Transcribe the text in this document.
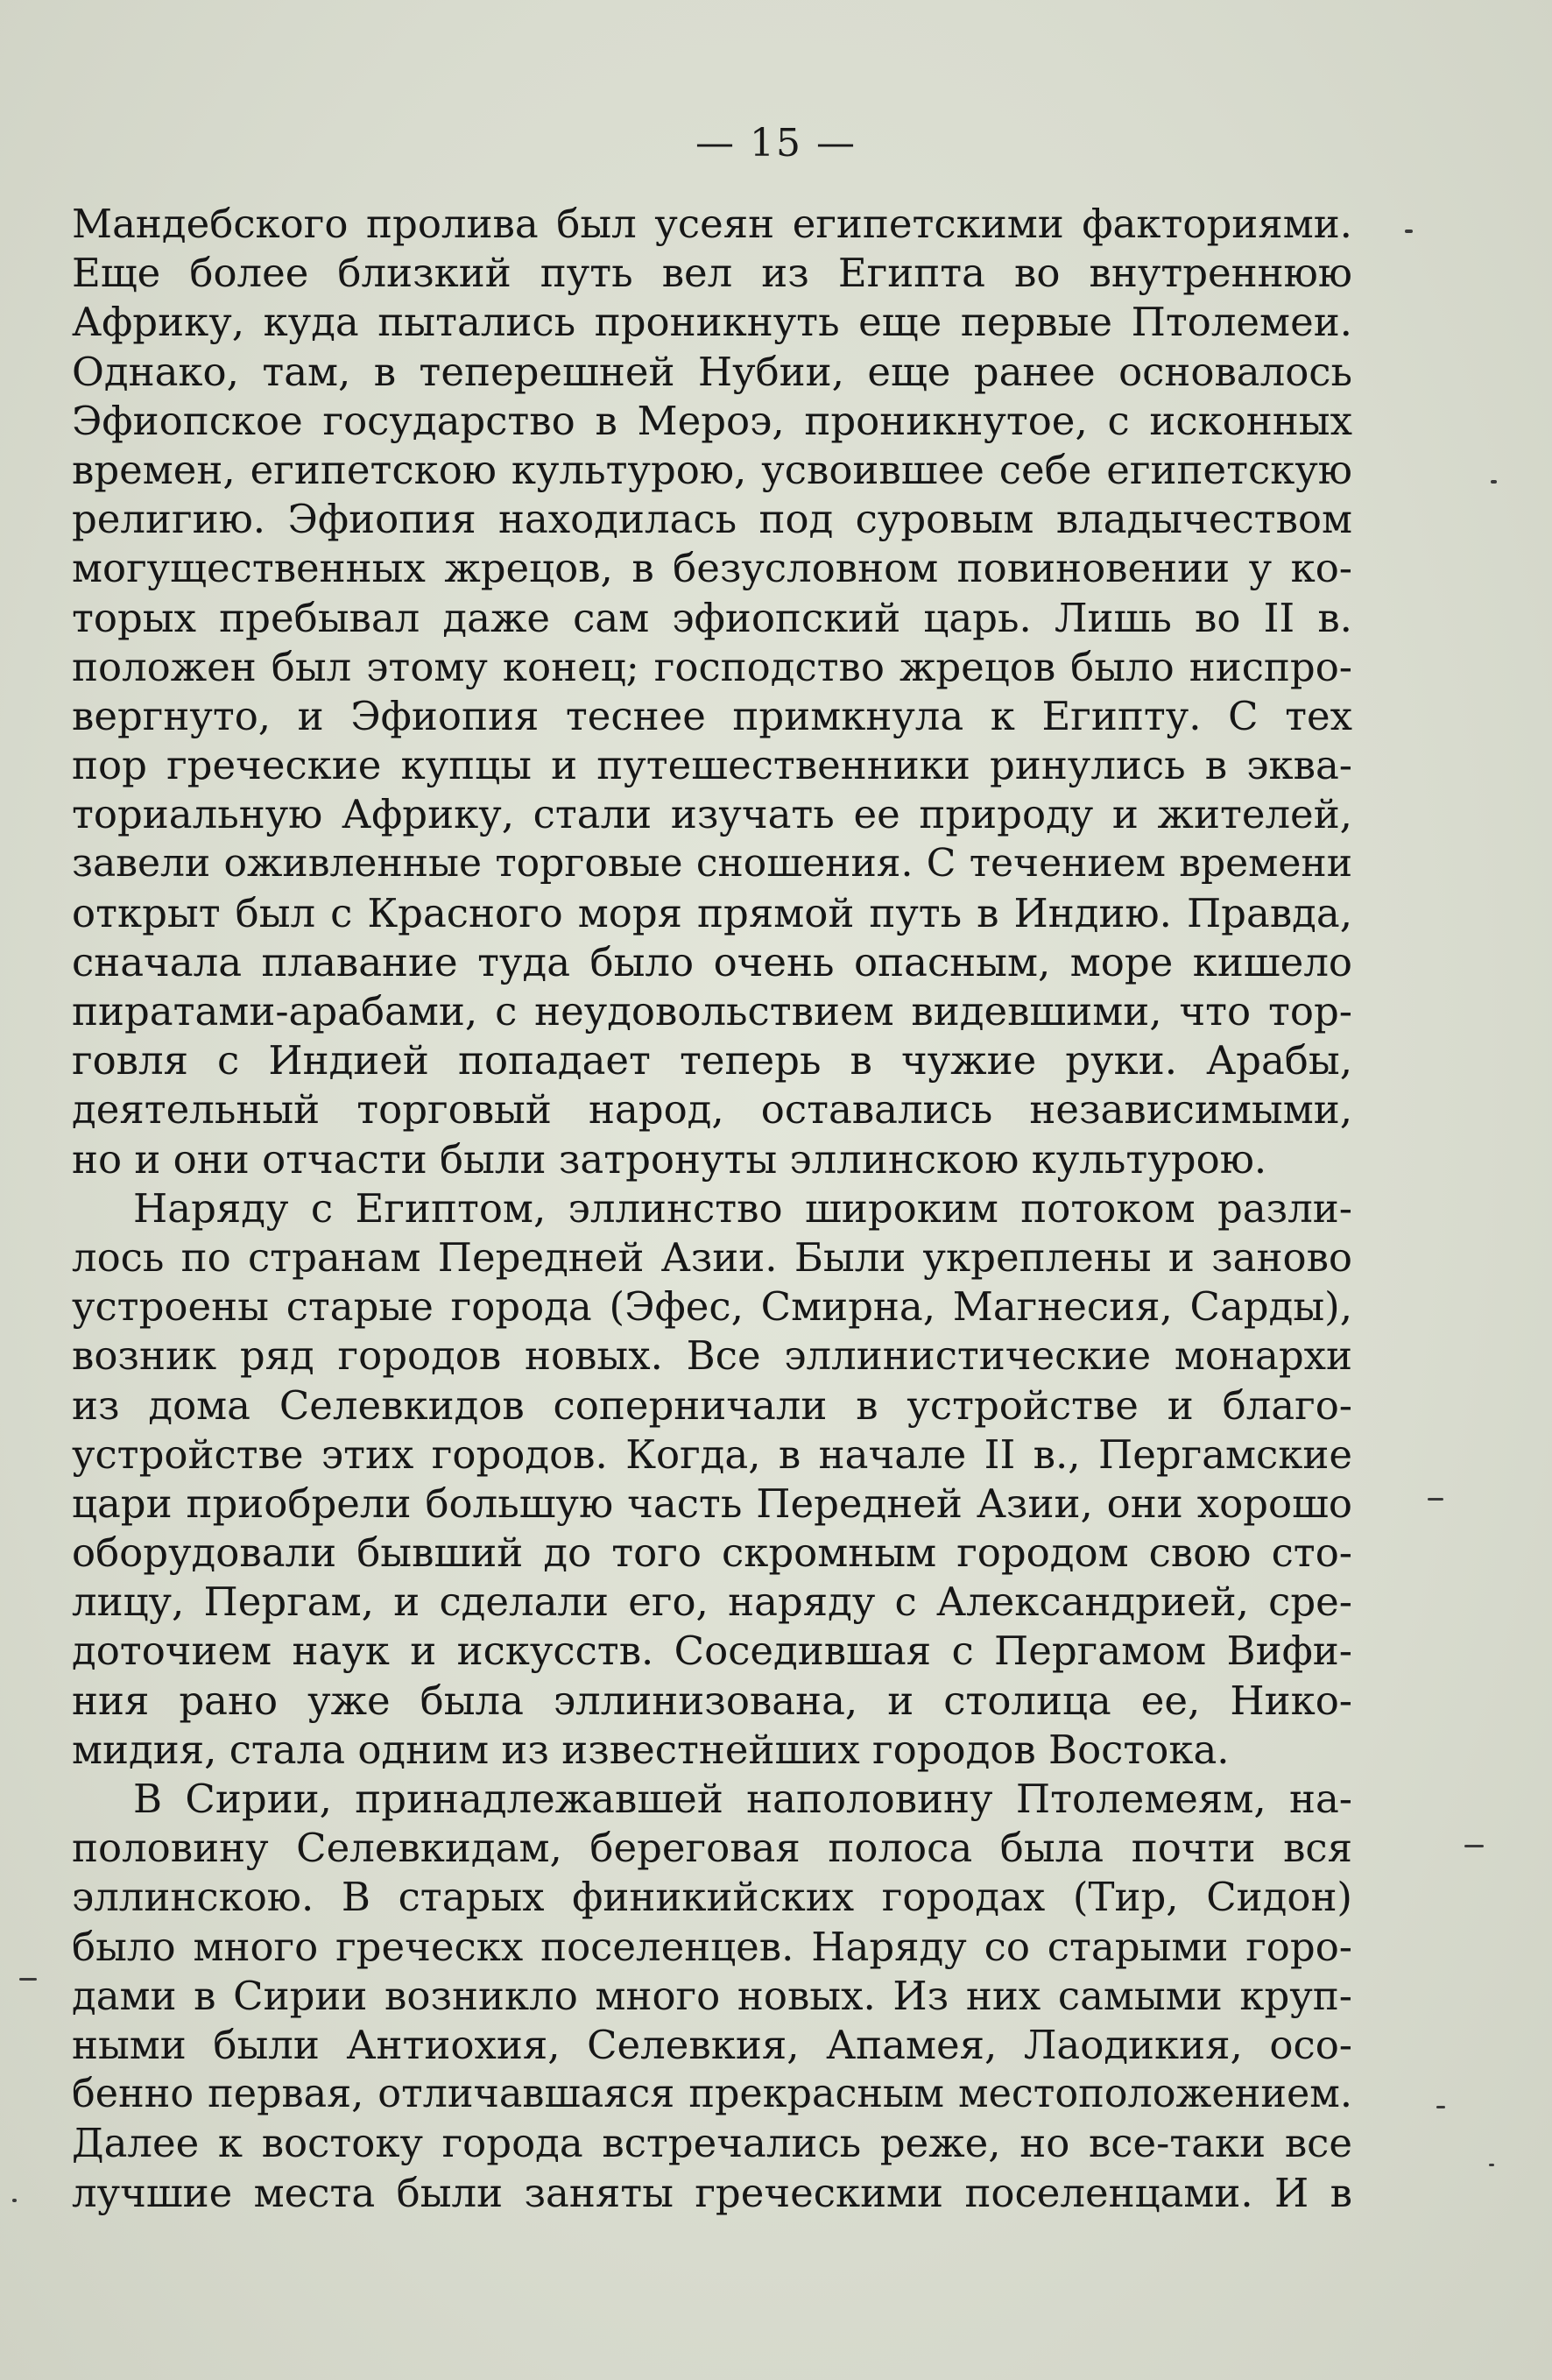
— 15 —
Мандебского пролива был усеян египетскими факториями.
Еще более близкий путь вел из Египта во внутреннюю
Африку, куда пытались проникнуть еще первые Птолемеи.
Однако, там, в теперешней Нубии, еще ранее основалось
Эфиопское государство в Мероэ, проникнутое, с исконных
времен, египетскою культурою, усвоившее себе египетскую
религию. Эфиопия находилась под суровым владычеством
могущественных жрецов, в безусловном повиновении у ко-
торых пребывал даже сам эфиопский царь. Лишь во II в.
положен был этому конец; господство жрецов было ниспро-
вергнуто, и Эфиопия теснее примкнула к Египту. С тех
пор греческие купцы и путешественники ринулись в эква-
ториальную Африку, стали изучать ее природу и жителей,
завели оживленные торговые сношения. С течением времени
открыт был с Красного моря прямой путь в Индию. Правда,
сначала плавание туда было очень опасным, море кишело
пиратами-арабами, с неудовольствием видевшими, что тор-
говля с Индией попадает теперь в чужие руки. Арабы,
деятельный торговый народ, оставались независимыми,
но и они отчасти были затронуты эллинскою культурою.
Наряду с Египтом, эллинство широким потоком разли-
лось по странам Передней Азии. Были укреплены и заново
устроены старые города (Эфес, Смирна, Магнесия, Сарды),
возник ряд городов новых. Все эллинистические монархи
из дома Селевкидов соперничали в устройстве и благо-
устройстве этих городов. Когда, в начале II в., Пергамские
цари приобрели большую часть Передней Азии, они хорошо
оборудовали бывший до того скромным городом свою сто-
лицу, Пергам, и сделали его, наряду с Александрией, сре-
доточием наук и искусств. Соседившая с Пергамом Вифи-
ния рано уже была эллинизована, и столица ее, Нико-
мидия, стала одним из известнейших городов Востока.
В Сирии, принадлежавшей наполовину Птолемеям, на-
половину Селевкидам, береговая полоса была почти вся
эллинскою. В старых финикийских городах (Тир, Сидон)
было много греческх поселенцев. Наряду со старыми горо-
дами в Сирии возникло много новых. Из них самыми круп-
ными были Антиохия, Селевкия, Апамея, Лаодикия, осо-
бенно первая, отличавшаяся прекрасным местоположением.
Далее к востоку города встречались реже, но все-таки все
лучшие места были заняты греческими поселенцами. И в
